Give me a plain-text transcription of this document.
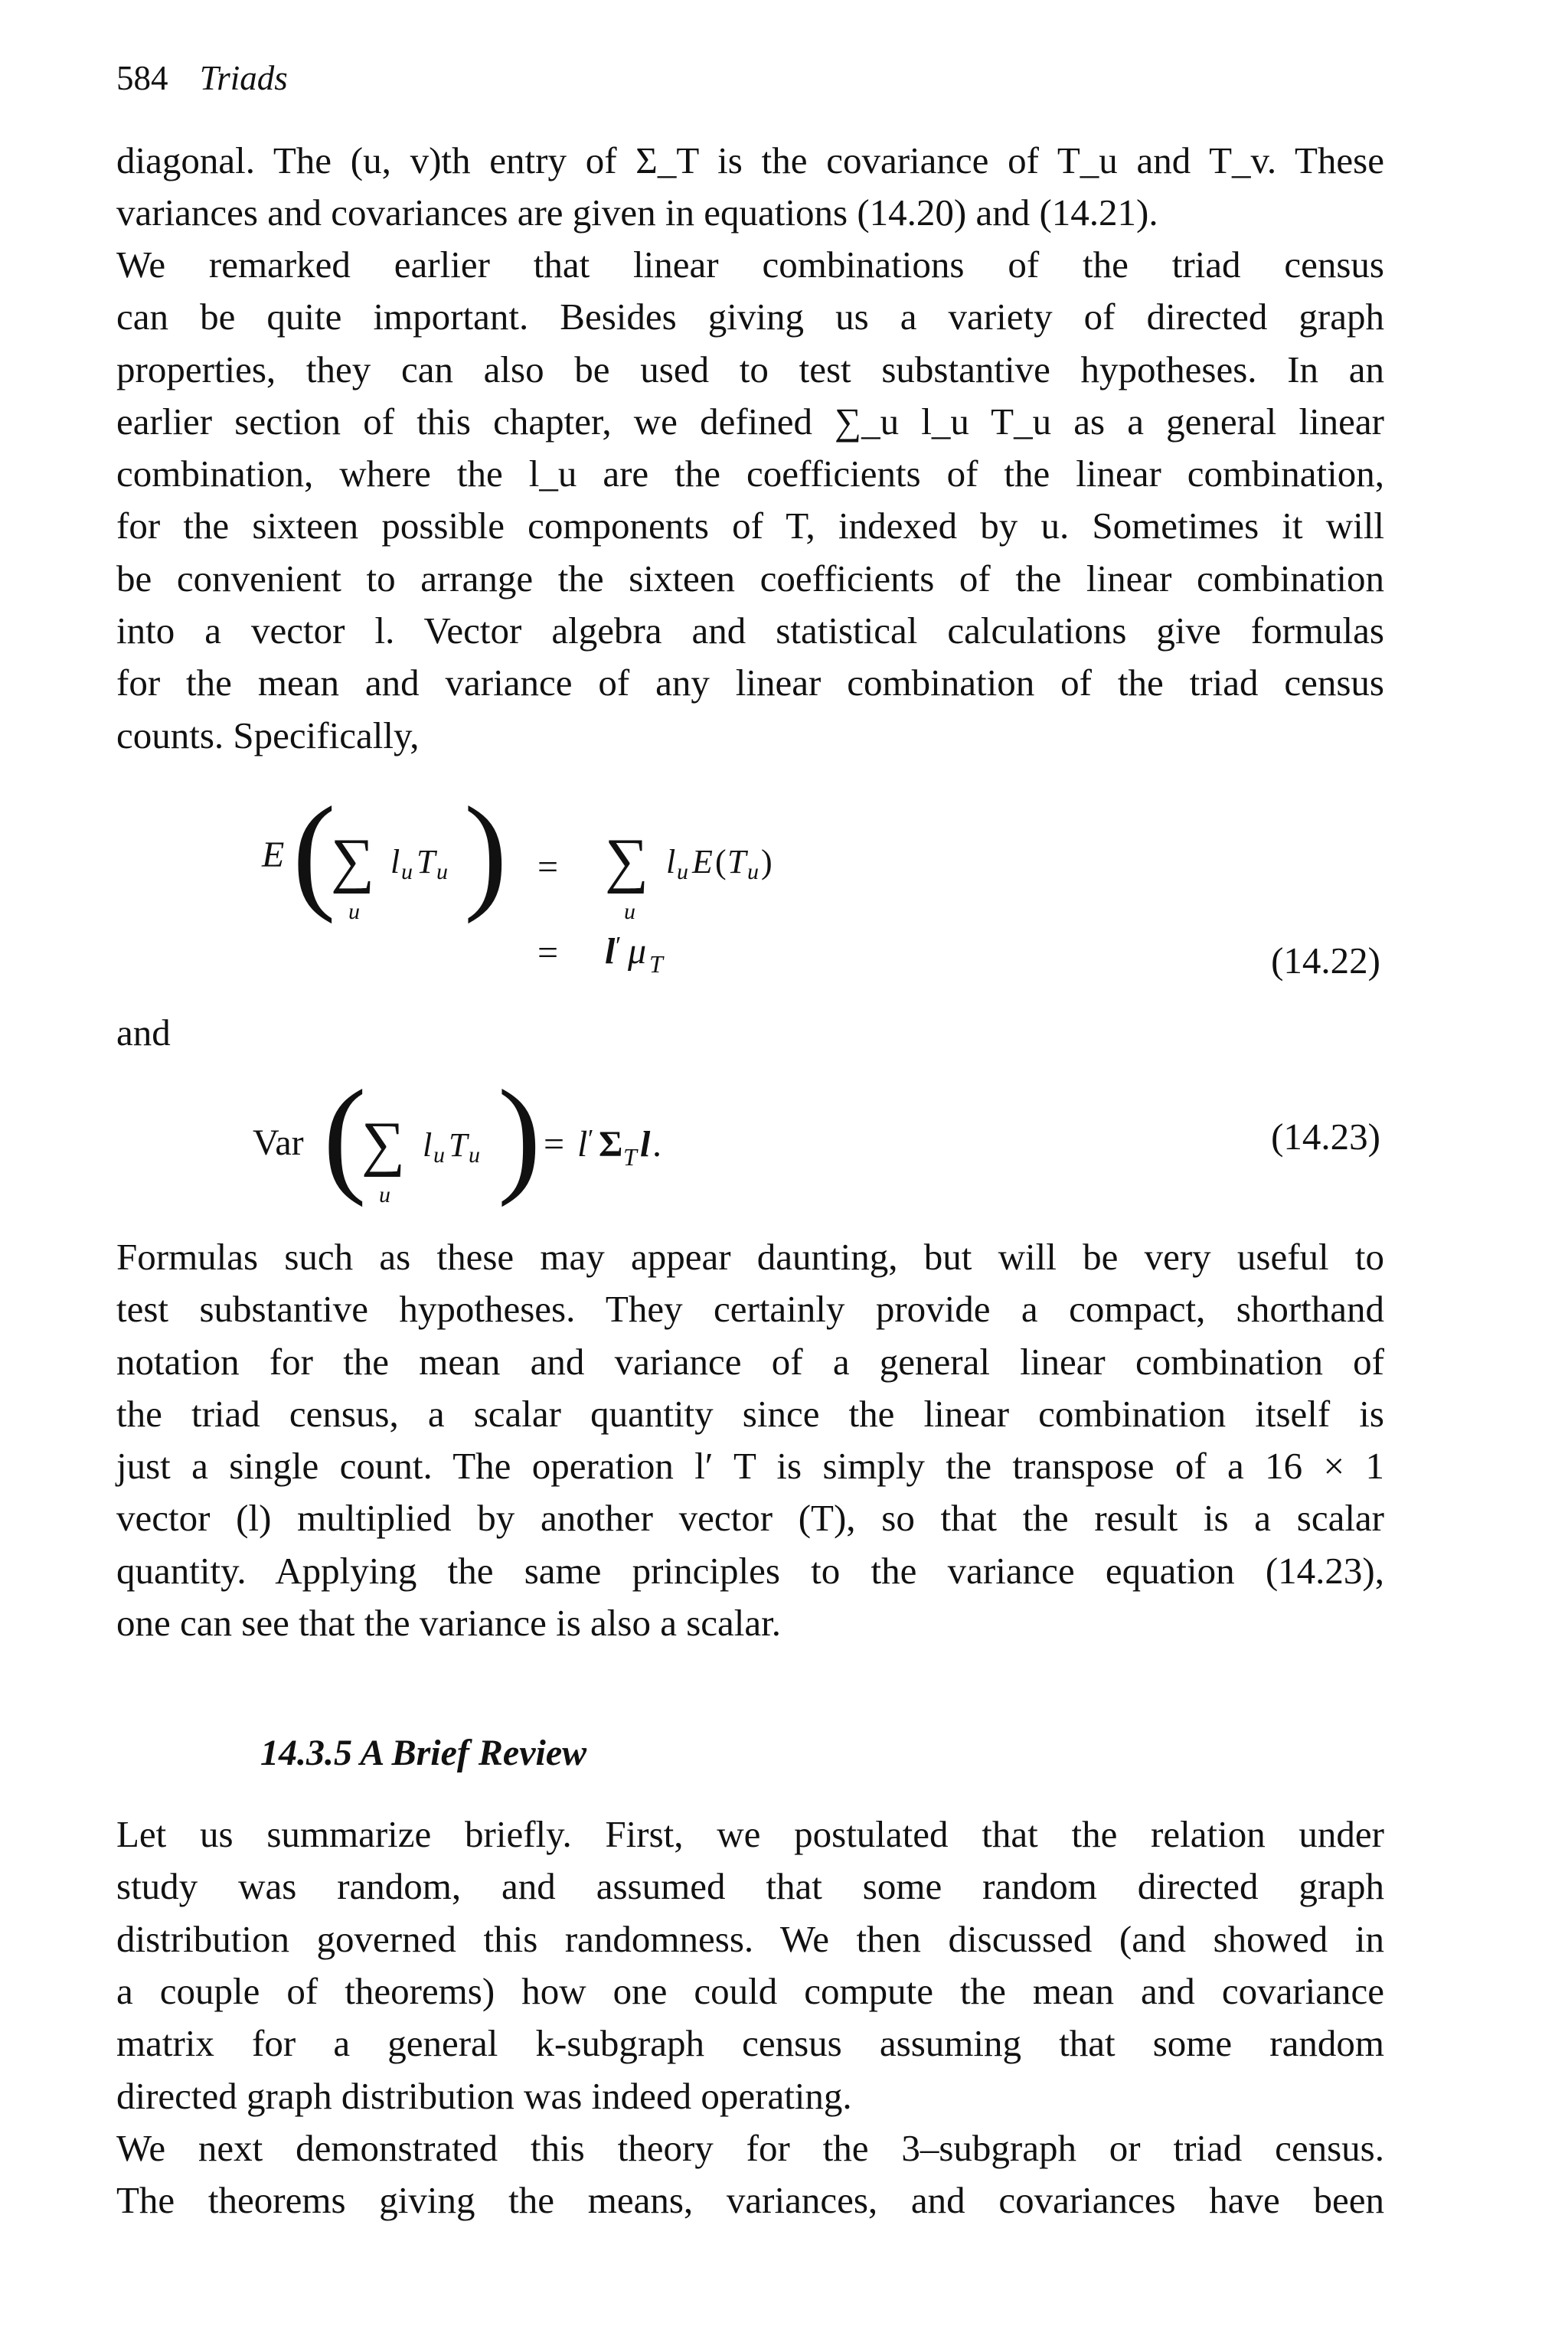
584 Triads
diagonal. The (u, v)th entry of Σ_T is the covariance of T_u and T_v. These
variances and covariances are given in equations (14.20) and (14.21).
We remarked earlier that linear combinations of the triad census
can be quite important. Besides giving us a variety of directed graph
properties, they can also be used to test substantive hypotheses. In an
earlier section of this chapter, we defined ∑_u l_u T_u as a general linear
combination, where the l_u are the coefficients of the linear combination,
for the sixteen possible components of T, indexed by u. Sometimes it will
be convenient to arrange the sixteen coefficients of the linear combination
into a vector l. Vector algebra and statistical calculations give formulas
for the mean and variance of any linear combination of the triad census
counts. Specifically,
E (
∑ l u T u
u ) = ∑ l u E ( T u )
u
= l ′ μ T	(14.22)
and
Var (
∑ l u T u
u ) = l ′ Σ T l .	(14.23)
Formulas such as these may appear daunting, but will be very useful to
test substantive hypotheses. They certainly provide a compact, shorthand
notation for the mean and variance of a general linear combination of
the triad census, a scalar quantity since the linear combination itself is
just a single count. The operation l′ T is simply the transpose of a 16 × 1
vector (l) multiplied by another vector (T), so that the result is a scalar
quantity. Applying the same principles to the variance equation (14.23),
one can see that the variance is also a scalar.
14.3.5 A Brief Review
Let us summarize briefly. First, we postulated that the relation under
study was random, and assumed that some random directed graph
distribution governed this randomness. We then discussed (and showed in
a couple of theorems) how one could compute the mean and covariance
matrix for a general k-subgraph census assuming that some random
directed graph distribution was indeed operating.
We next demonstrated this theory for the 3–subgraph or triad census.
The theorems giving the means, variances, and covariances have been
